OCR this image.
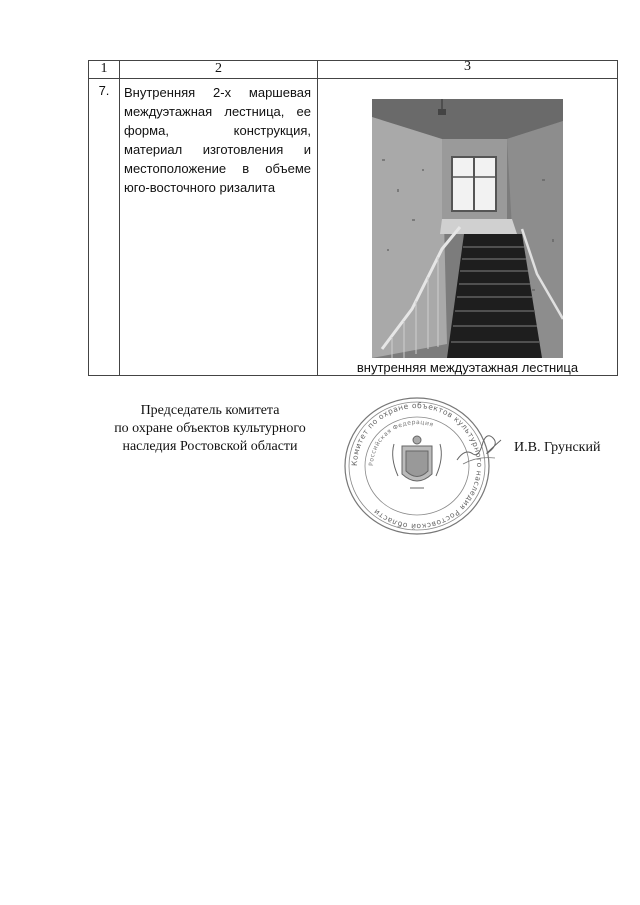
1	2	3
7.	Внутренняя 2-х маршевая междуэтажная лестница, ее форма, конструкция, материал изготовления и местоположение в объеме юго-восточного ризалита	внутренняя междуэтажная лестница
Председатель комитета
по охране объектов культурного
наследия Ростовской области
Комитет по охране объектов культурного наследия Ростовской области
Российская Федерация
И.В. Грунский
